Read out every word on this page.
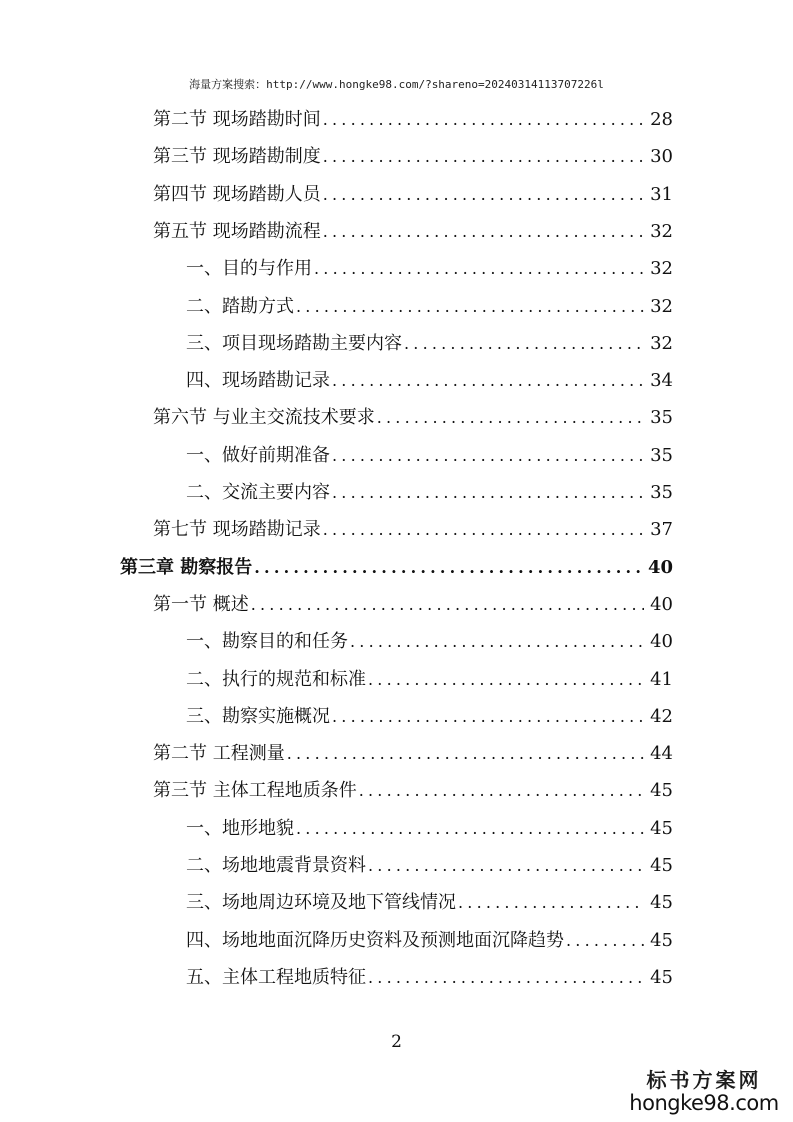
海量方案搜索：http://www.hongke98.com/?shareno=20240314113707226l
第二节 现场踏勘时间 .....	28
第三节 现场踏勘制度 .....	30
第四节 现场踏勘人员 .....	31
第五节 现场踏勘流程 .....	32
一、目的与作用 .....	32
二、踏勘方式 .....	32
三、项目现场踏勘主要内容 .....	32
四、现场踏勘记录 .....	34
第六节 与业主交流技术要求 .....	35
一、做好前期准备 .....	35
二、交流主要内容 .....	35
第七节 现场踏勘记录 .....	37
第三章 勘察报告 .....	40
第一节 概述 .....	40
一、勘察目的和任务 .....	40
二、执行的规范和标准 .....	41
三、勘察实施概况 .....	42
第二节 工程测量 .....	44
第三节 主体工程地质条件 .....	45
一、地形地貌 .....	45
二、场地地震背景资料 .....	45
三、场地周边环境及地下管线情况 .....	45
四、场地地面沉降历史资料及预测地面沉降趋势 .....	45
五、主体工程地质特征 .....	45
2
标书方案网
hongke98.com
